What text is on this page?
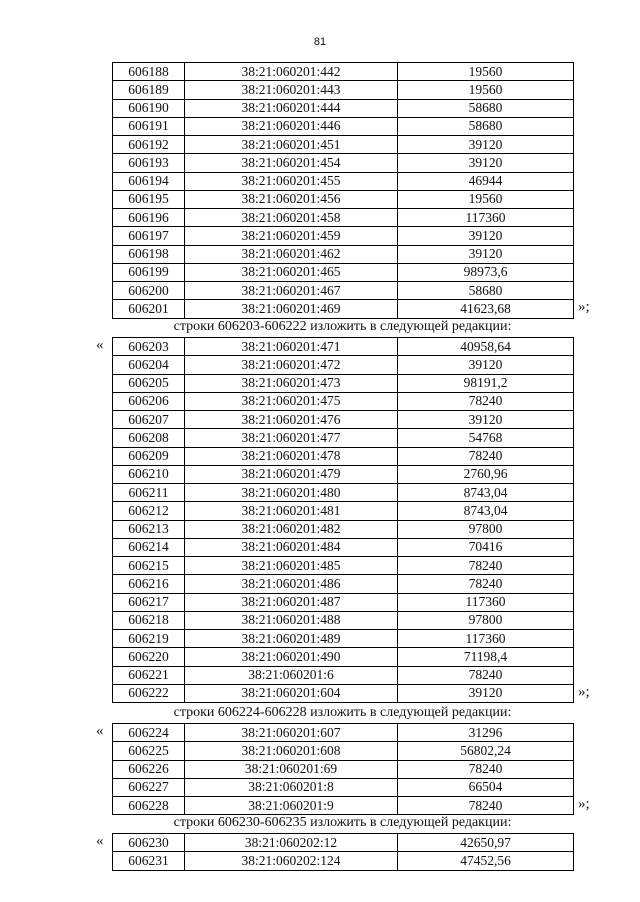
81
606188	38:21:060201:442	19560
606189	38:21:060201:443	19560
606190	38:21:060201:444	58680
606191	38:21:060201:446	58680
606192	38:21:060201:451	39120
606193	38:21:060201:454	39120
606194	38:21:060201:455	46944
606195	38:21:060201:456	19560
606196	38:21:060201:458	117360
606197	38:21:060201:459	39120
606198	38:21:060201:462	39120
606199	38:21:060201:465	98973,6
606200	38:21:060201:467	58680
606201	38:21:060201:469	41623,68	»;
строки 606203-606222 изложить в следующей редакции:
606203	38:21:060201:471	40958,64
606204	38:21:060201:472	39120
606205	38:21:060201:473	98191,2
606206	38:21:060201:475	78240
606207	38:21:060201:476	39120
606208	38:21:060201:477	54768
606209	38:21:060201:478	78240
606210	38:21:060201:479	2760,96
606211	38:21:060201:480	8743,04
606212	38:21:060201:481	8743,04
606213	38:21:060201:482	97800
606214	38:21:060201:484	70416
606215	38:21:060201:485	78240
606216	38:21:060201:486	78240
606217	38:21:060201:487	117360
606218	38:21:060201:488	97800
606219	38:21:060201:489	117360
606220	38:21:060201:490	71198,4
606221	38:21:060201:6	78240
606222	38:21:060201:604	39120
«
»;
строки 606224-606228 изложить в следующей редакции:
606224	38:21:060201:607	31296
606225	38:21:060201:608	56802,24
606226	38:21:060201:69	78240
606227	38:21:060201:8	66504
606228	38:21:060201:9	78240
«
»;
строки 606230-606235 изложить в следующей редакции:
606230	38:21:060202:12	42650,97
606231	38:21:060202:124	47452,56
«
